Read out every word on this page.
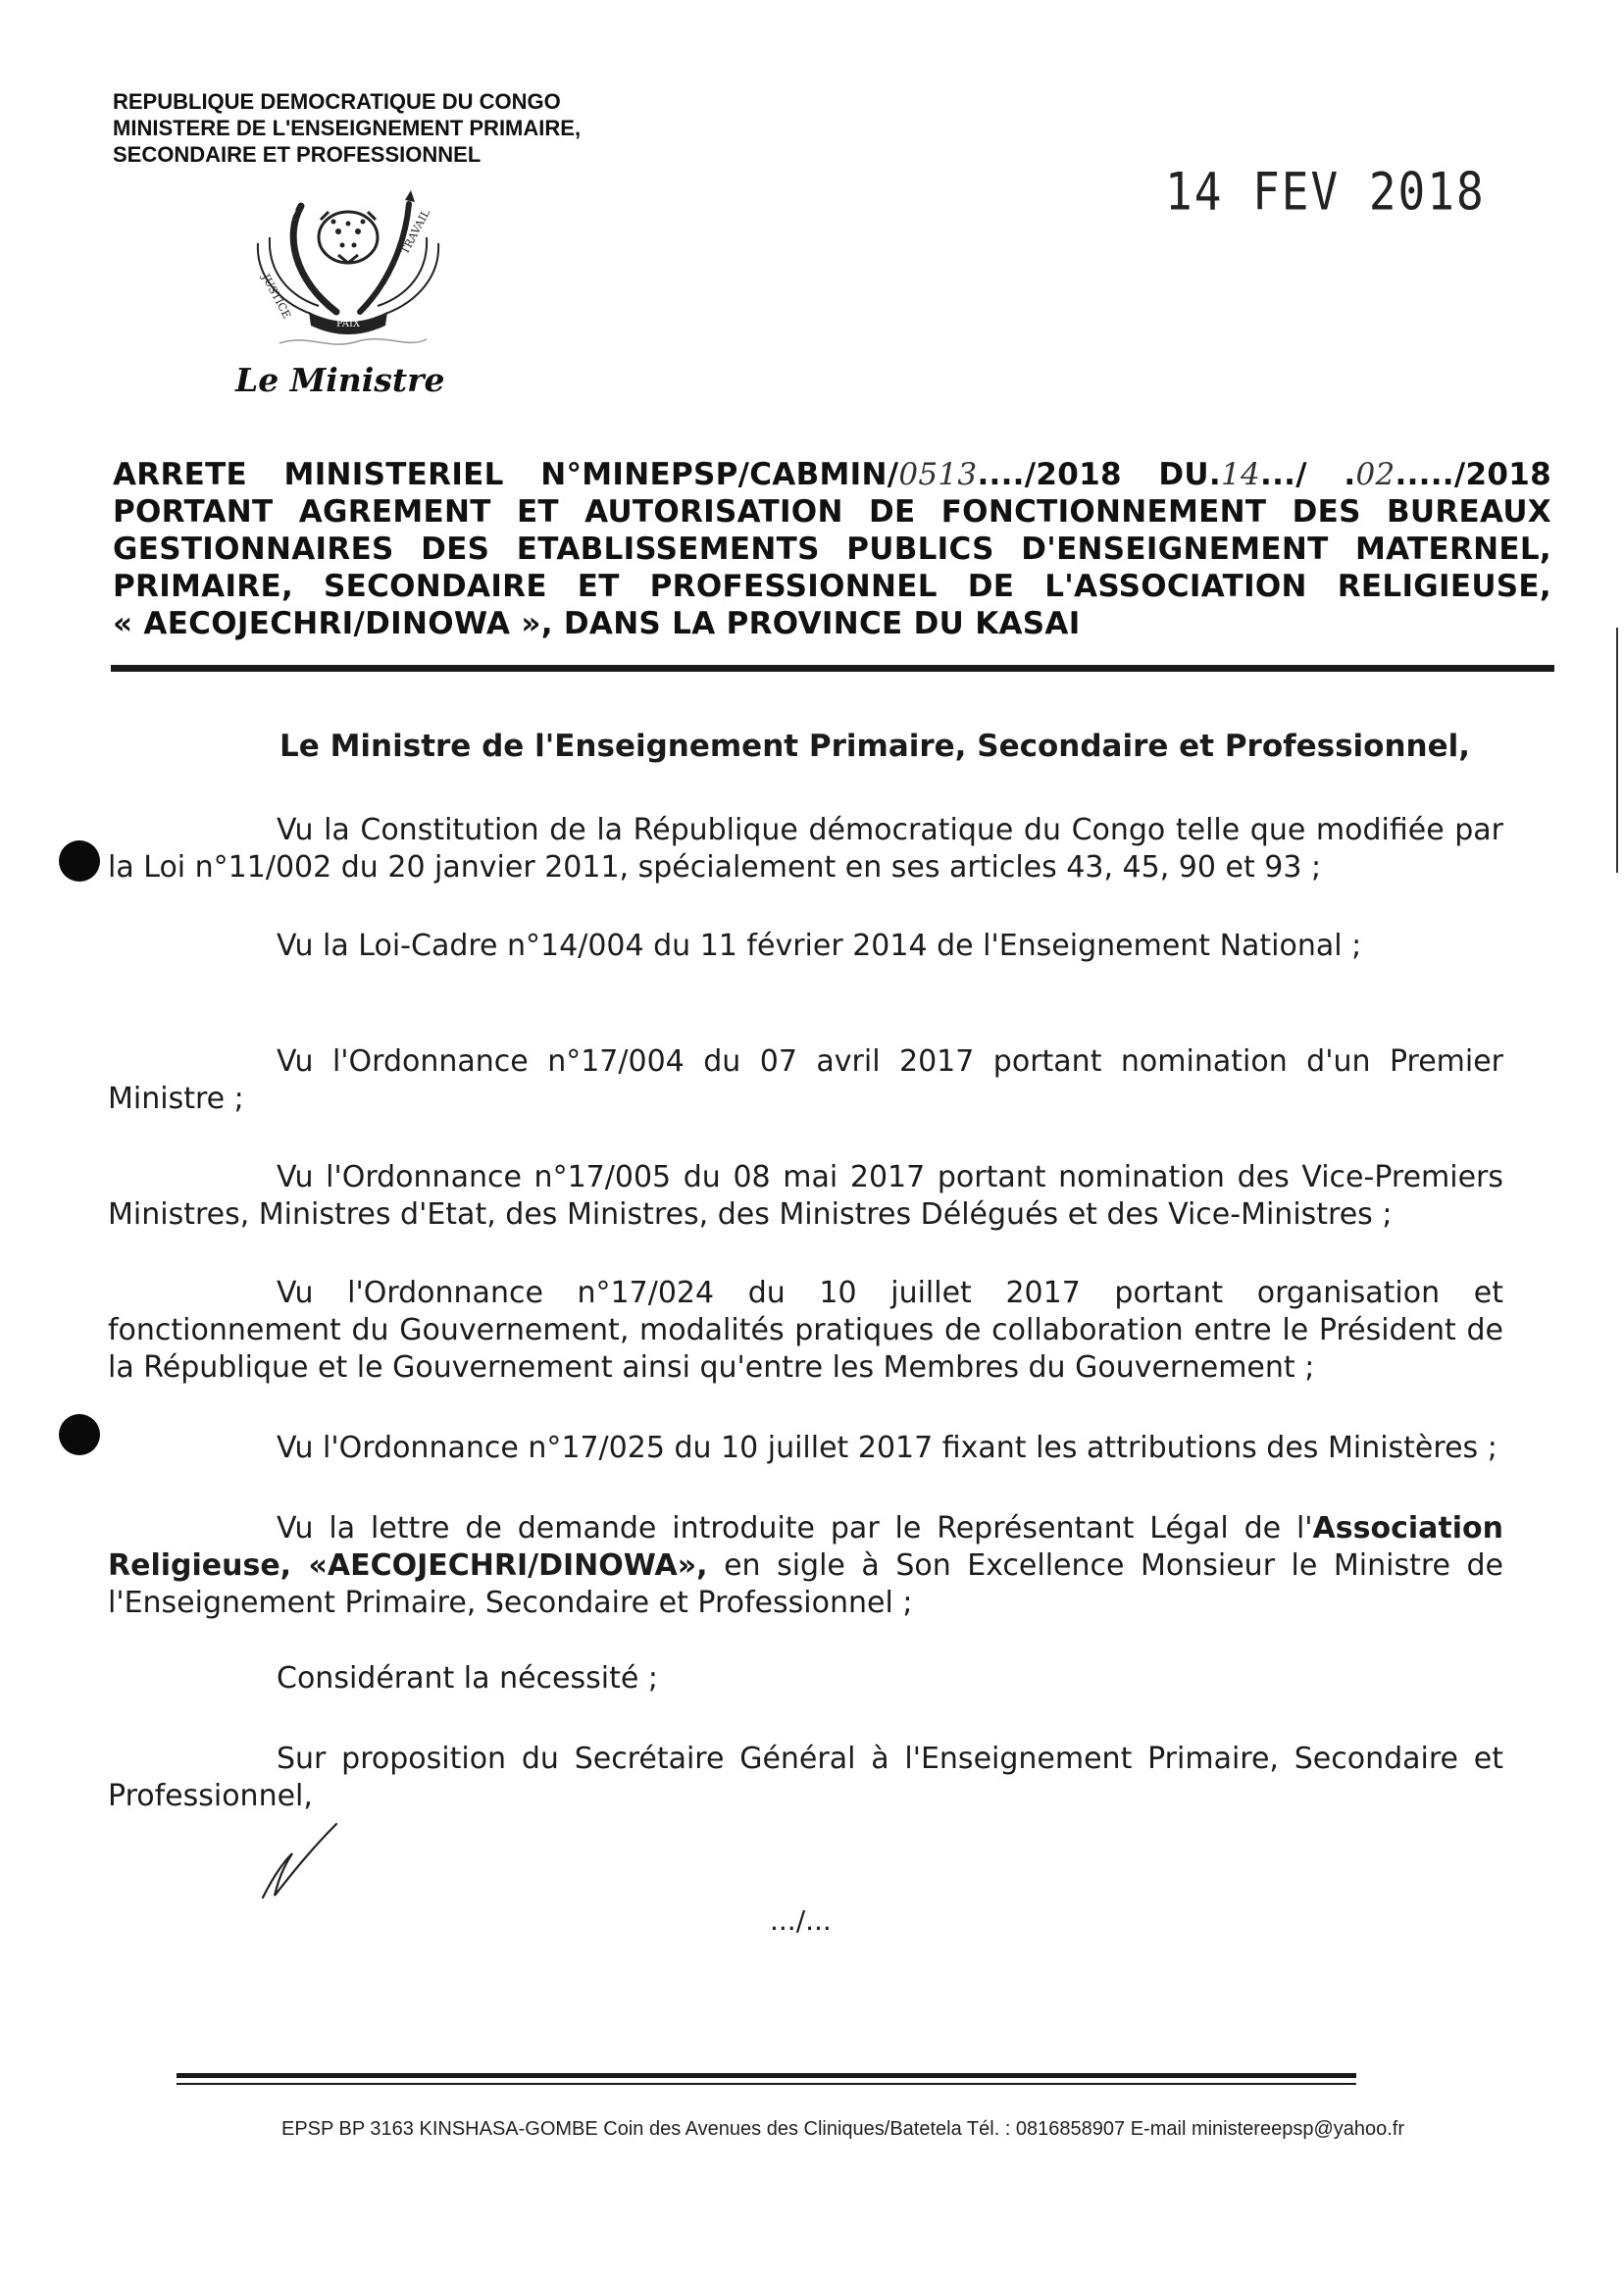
REPUBLIQUE DEMOCRATIQUE DU CONGO
MINISTERE DE L'ENSEIGNEMENT PRIMAIRE,
SECONDAIRE ET PROFESSIONNEL
14 FEV 2018
JUSTICE
TRAVAIL
PAIX
Le Ministre
ARRETE MINISTERIEL N°MINEPSP/CABMIN/0513..../2018 DU.14.../ .02...../2018
PORTANT AGREMENT ET AUTORISATION DE FONCTIONNEMENT DES BUREAUX
GESTIONNAIRES DES ETABLISSEMENTS PUBLICS D'ENSEIGNEMENT MATERNEL,
PRIMAIRE, SECONDAIRE ET PROFESSIONNEL DE L'ASSOCIATION RELIGIEUSE,
« AECOJECHRI/DINOWA », DANS LA PROVINCE DU KASAI
Le Ministre de l'Enseignement Primaire, Secondaire et Professionnel,
Vu la Constitution de la République démocratique du Congo telle que modifiée par la Loi n°11/002 du 20 janvier 2011, spécialement en ses articles 43, 45, 90 et 93 ;
Vu la Loi-Cadre n°14/004 du 11 février 2014 de l'Enseignement National ;
Vu l'Ordonnance n°17/004 du 07 avril 2017 portant nomination d'un Premier Ministre ;
Vu l'Ordonnance n°17/005 du 08 mai 2017 portant nomination des Vice-Premiers Ministres, Ministres d'Etat, des Ministres, des Ministres Délégués et des Vice-Ministres ;
Vu l'Ordonnance n°17/024 du 10 juillet 2017 portant organisation et fonctionnement du Gouvernement, modalités pratiques de collaboration entre le Président de la République et le Gouvernement ainsi qu'entre les Membres du Gouvernement ;
Vu l'Ordonnance n°17/025 du 10 juillet 2017 fixant les attributions des Ministères ;
Vu la lettre de demande introduite par le Représentant Légal de l'Association Religieuse, «AECOJECHRI/DINOWA», en sigle à Son Excellence Monsieur le Ministre de l'Enseignement Primaire, Secondaire et Professionnel ;
Considérant la nécessité ;
Sur proposition du Secrétaire Général à l'Enseignement Primaire, Secondaire et Professionnel,
.../...
EPSP BP 3163 KINSHASA-GOMBE Coin des Avenues des Cliniques/Batetela Tél. : 0816858907 E-mail ministereepsp@yahoo.fr
